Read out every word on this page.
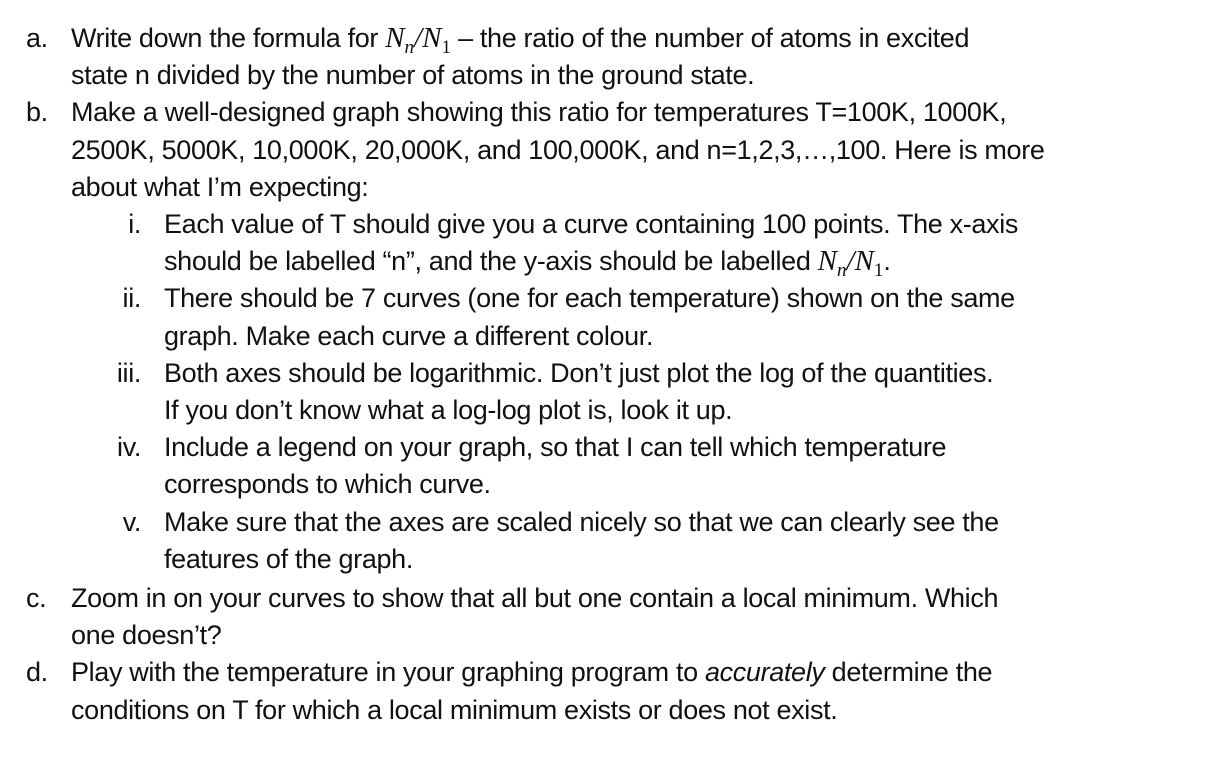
a. Write down the formula for $N_n/N_1$ – the ratio of the number of atoms in excited
state n divided by the number of atoms in the ground state.
b. Make a well-designed graph showing this ratio for temperatures T=100K, 1000K,
2500K, 5000K, 10,000K, 20,000K, and 100,000K, and n=1,2,3,…,100. Here is more
about what I’m expecting:
i. Each value of T should give you a curve containing 100 points. The x-axis
should be labelled “n”, and the y-axis should be labelled $N_n/N_1$.
ii. There should be 7 curves (one for each temperature) shown on the same
graph. Make each curve a different colour.
iii. Both axes should be logarithmic. Don’t just plot the log of the quantities.
If you don’t know what a log-log plot is, look it up.
iv. Include a legend on your graph, so that I can tell which temperature
corresponds to which curve.
v. Make sure that the axes are scaled nicely so that we can clearly see the
features of the graph.
c. Zoom in on your curves to show that all but one contain a local minimum. Which
one doesn’t?
d. Play with the temperature in your graphing program to accurately determine the
conditions on T for which a local minimum exists or does not exist.
